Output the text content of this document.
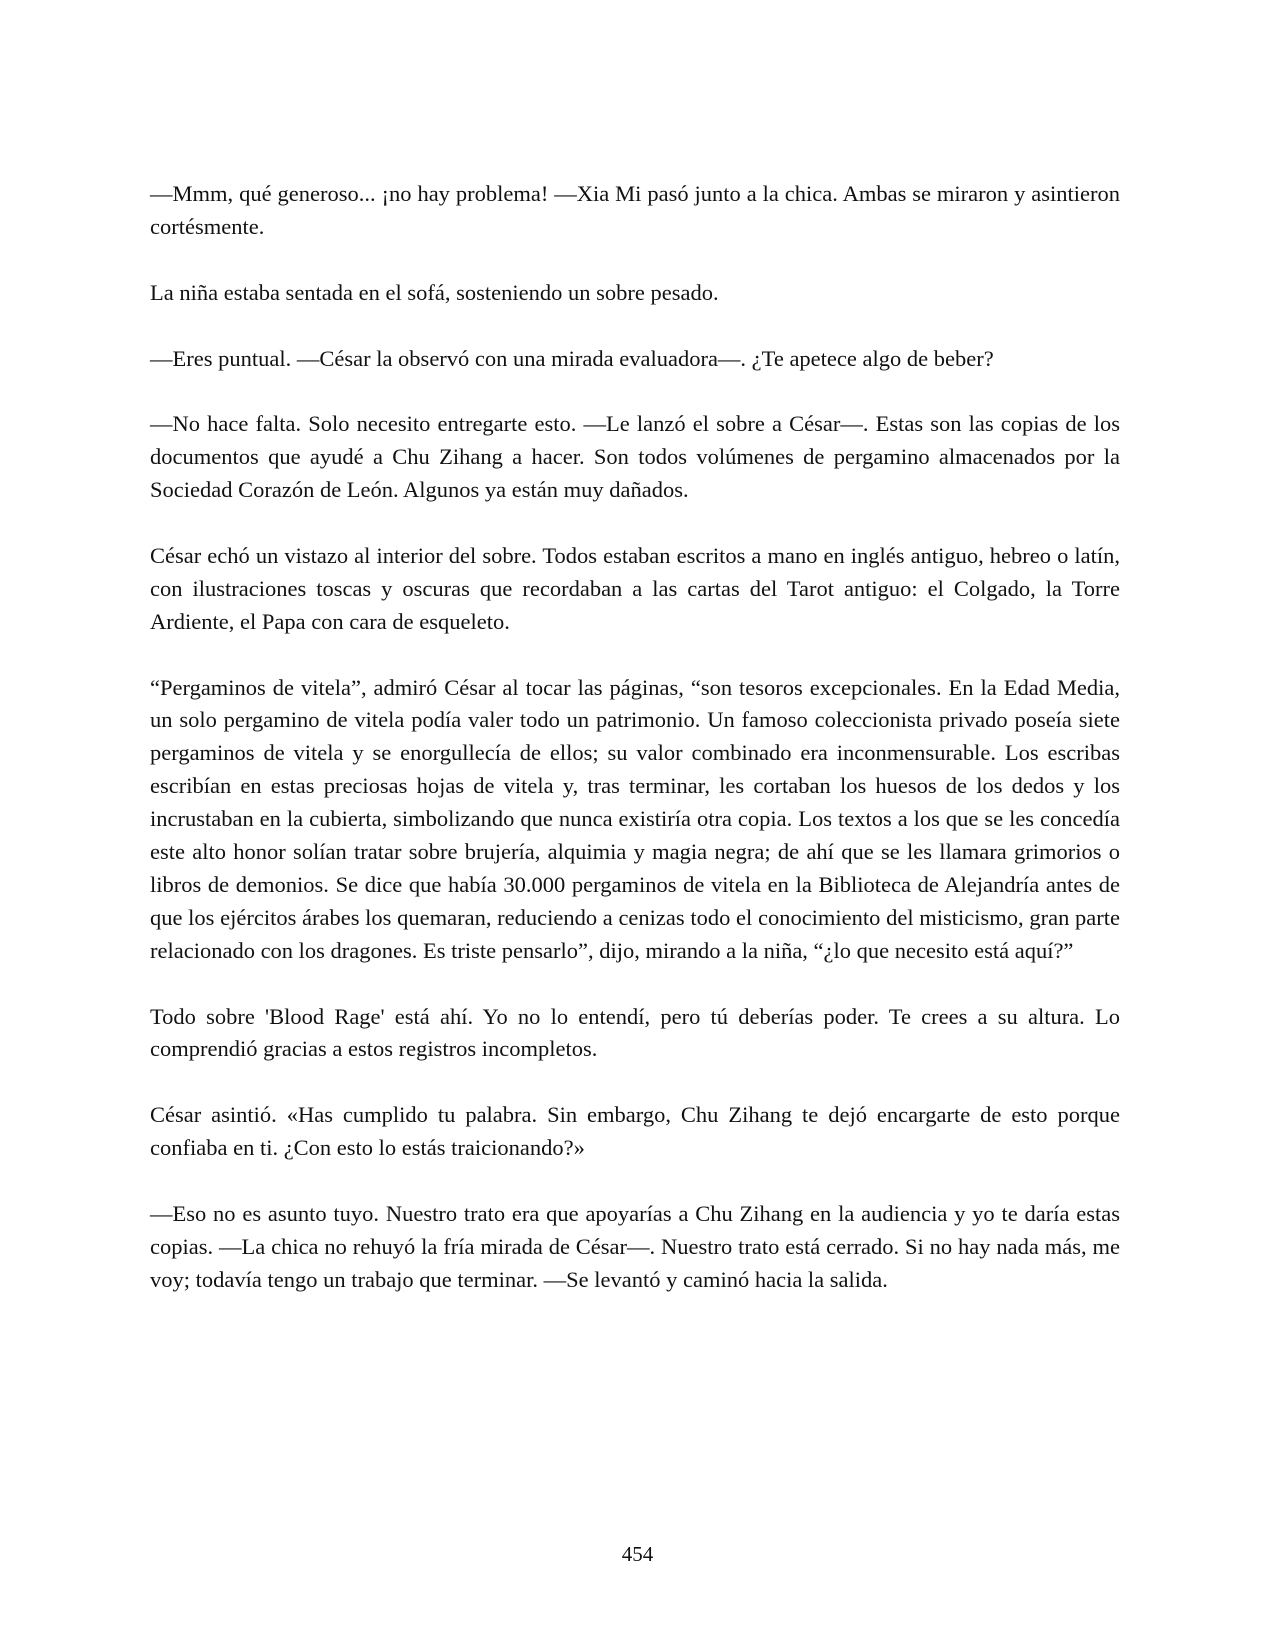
—Mmm, qué generoso... ¡no hay problema! —Xia Mi pasó junto a la chica. Ambas se miraron y asintieron cortésmente.

La niña estaba sentada en el sofá, sosteniendo un sobre pesado.

—Eres puntual. —César la observó con una mirada evaluadora—. ¿Te apetece algo de beber?

—No hace falta. Solo necesito entregarte esto. —Le lanzó el sobre a César—. Estas son las copias de los documentos que ayudé a Chu Zihang a hacer. Son todos volúmenes de pergamino almacenados por la Sociedad Corazón de León. Algunos ya están muy dañados.

César echó un vistazo al interior del sobre. Todos estaban escritos a mano en inglés antiguo, hebreo o latín, con ilustraciones toscas y oscuras que recordaban a las cartas del Tarot antiguo: el Colgado, la Torre Ardiente, el Papa con cara de esqueleto.

“Pergaminos de vitela”, admiró César al tocar las páginas, “son tesoros excepcionales. En la Edad Media, un solo pergamino de vitela podía valer todo un patrimonio. Un famoso coleccionista privado poseía siete pergaminos de vitela y se enorgullecía de ellos; su valor combinado era inconmensurable. Los escribas escribían en estas preciosas hojas de vitela y, tras terminar, les cortaban los huesos de los dedos y los incrustaban en la cubierta, simbolizando que nunca existiría otra copia. Los textos a los que se les concedía este alto honor solían tratar sobre brujería, alquimia y magia negra; de ahí que se les llamara grimorios o libros de demonios. Se dice que había 30.000 pergaminos de vitela en la Biblioteca de Alejandría antes de que los ejércitos árabes los quemaran, reduciendo a cenizas todo el conocimiento del misticismo, gran parte relacionado con los dragones. Es triste pensarlo”, dijo, mirando a la niña, “¿lo que necesito está aquí?”

Todo sobre 'Blood Rage' está ahí. Yo no lo entendí, pero tú deberías poder. Te crees a su altura. Lo comprendió gracias a estos registros incompletos.

César asintió. «Has cumplido tu palabra. Sin embargo, Chu Zihang te dejó encargarte de esto porque confiaba en ti. ¿Con esto lo estás traicionando?»

—Eso no es asunto tuyo. Nuestro trato era que apoyarías a Chu Zihang en la audiencia y yo te daría estas copias. —La chica no rehuyó la fría mirada de César—. Nuestro trato está cerrado. Si no hay nada más, me voy; todavía tengo un trabajo que terminar. —Se levantó y caminó hacia la salida.

454
